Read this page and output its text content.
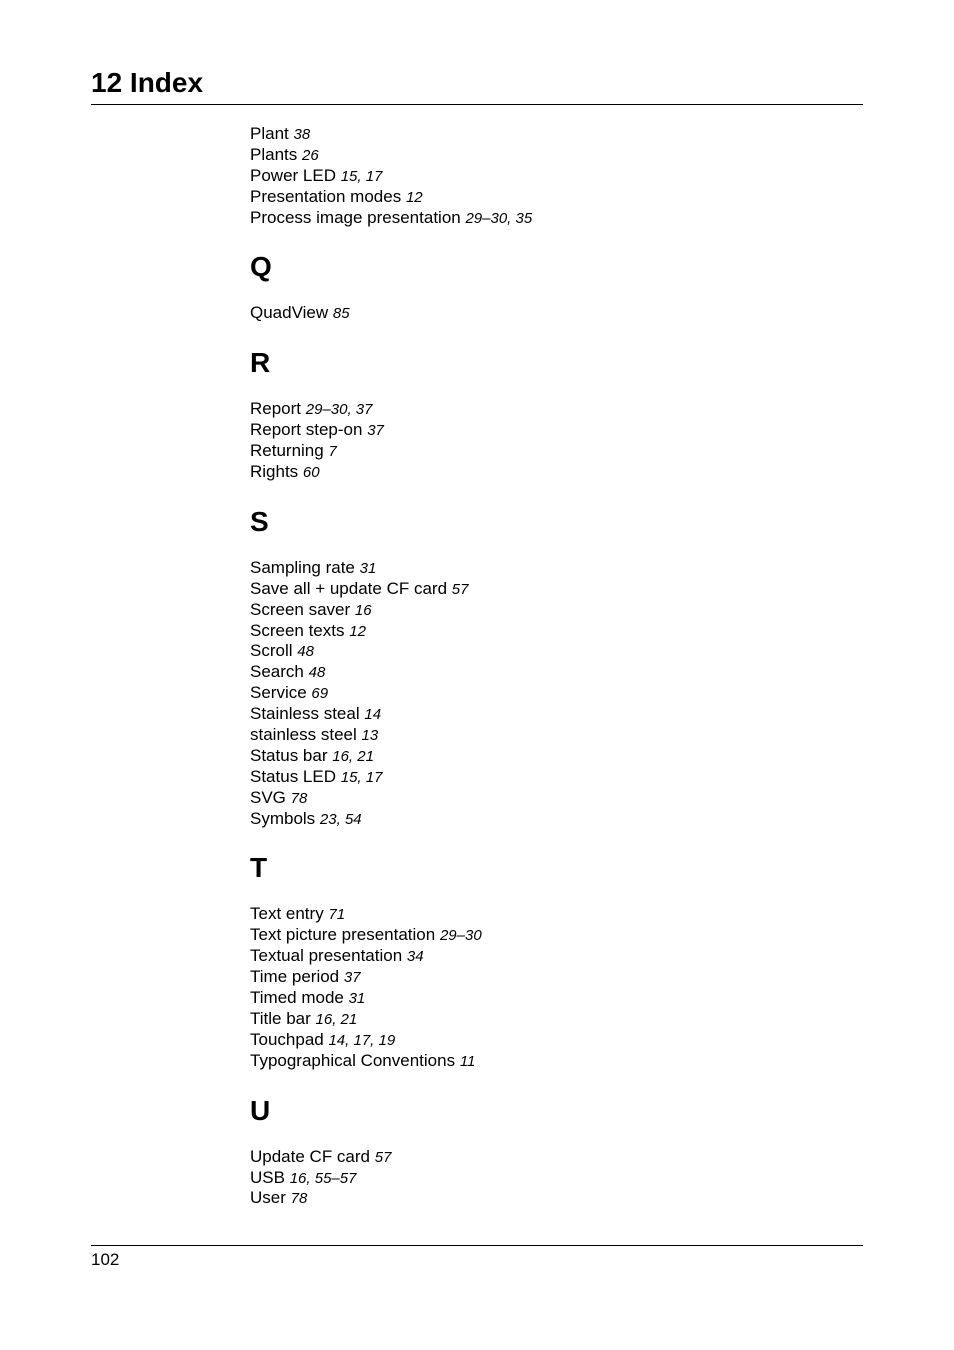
12 Index
Plant 38
Plants 26
Power LED 15, 17
Presentation modes 12
Process image presentation 29–30, 35
Q
QuadView 85
R
Report 29–30, 37
Report step-on 37
Returning 7
Rights 60
S
Sampling rate 31
Save all + update CF card 57
Screen saver 16
Screen texts 12
Scroll 48
Search 48
Service 69
Stainless steal 14
stainless steel 13
Status bar 16, 21
Status LED 15, 17
SVG 78
Symbols 23, 54
T
Text entry 71
Text picture presentation 29–30
Textual presentation 34
Time period 37
Timed mode 31
Title bar 16, 21
Touchpad 14, 17, 19
Typographical Conventions 11
U
Update CF card 57
USB 16, 55–57
User 78
102
